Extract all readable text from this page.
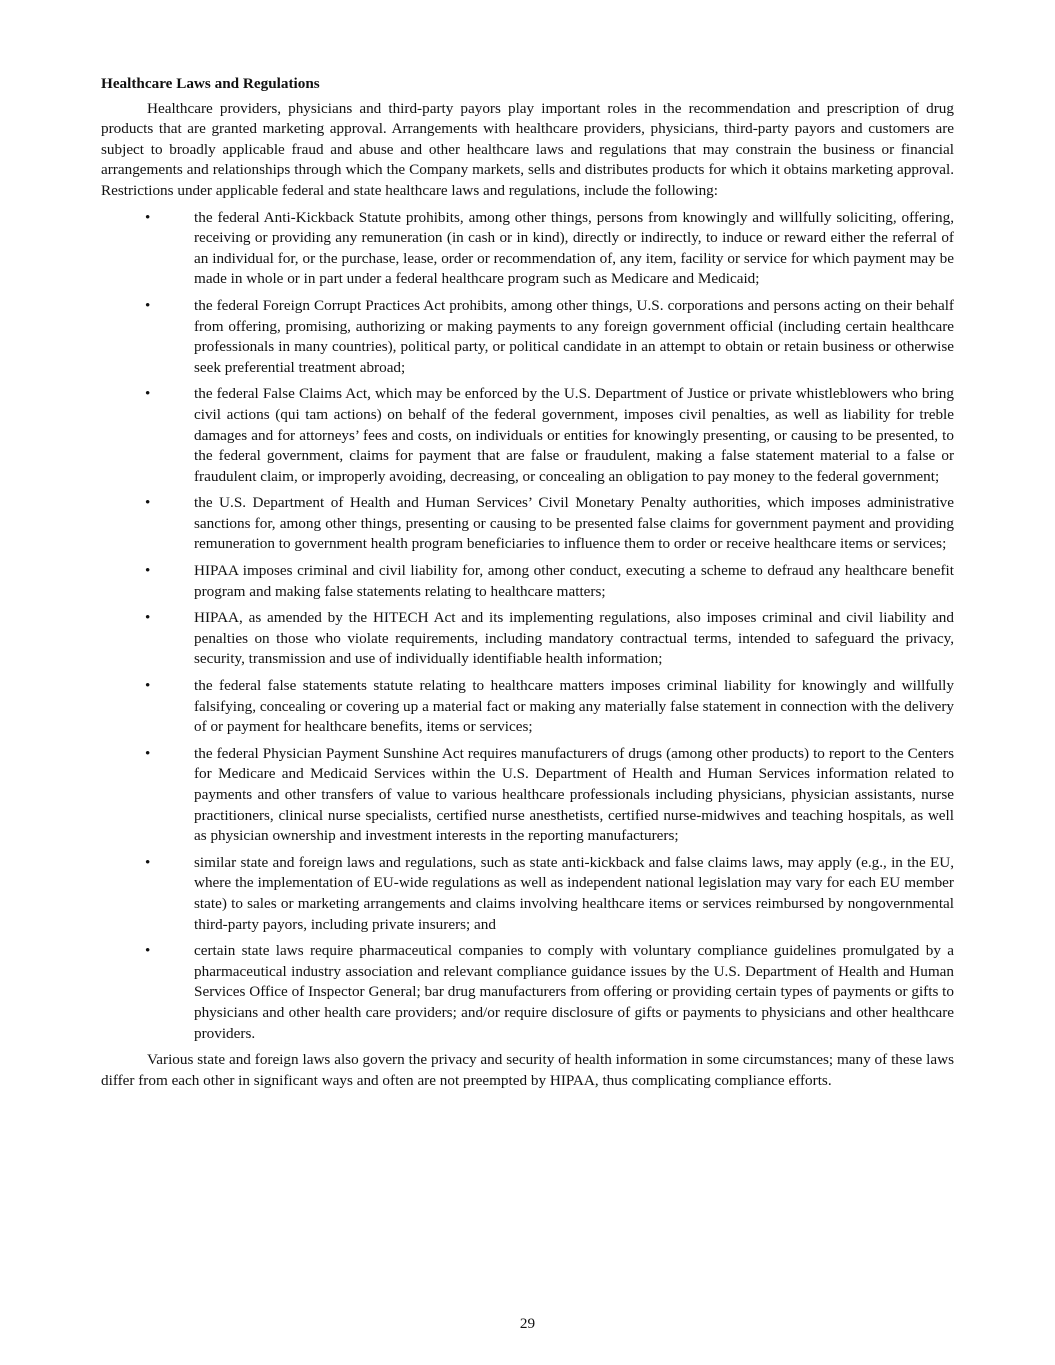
Healthcare Laws and Regulations

Healthcare providers, physicians and third-party payors play important roles in the recommendation and prescription of drug products that are granted marketing approval. Arrangements with healthcare providers, physicians, third-party payors and customers are subject to broadly applicable fraud and abuse and other healthcare laws and regulations that may constrain the business or financial arrangements and relationships through which the Company markets, sells and distributes products for which it obtains marketing approval. Restrictions under applicable federal and state healthcare laws and regulations, include the following:

•	the federal Anti-Kickback Statute prohibits, among other things, persons from knowingly and willfully soliciting, offering, receiving or providing any remuneration (in cash or in kind), directly or indirectly, to induce or reward either the referral of an individual for, or the purchase, lease, order or recommendation of, any item, facility or service for which payment may be made in whole or in part under a federal healthcare program such as Medicare and Medicaid;
•	the federal Foreign Corrupt Practices Act prohibits, among other things, U.S. corporations and persons acting on their behalf from offering, promising, authorizing or making payments to any foreign government official (including certain healthcare professionals in many countries), political party, or political candidate in an attempt to obtain or retain business or otherwise seek preferential treatment abroad;
•	the federal False Claims Act, which may be enforced by the U.S. Department of Justice or private whistleblowers who bring civil actions (qui tam actions) on behalf of the federal government, imposes civil penalties, as well as liability for treble damages and for attorneys’ fees and costs, on individuals or entities for knowingly presenting, or causing to be presented, to the federal government, claims for payment that are false or fraudulent, making a false statement material to a false or fraudulent claim, or improperly avoiding, decreasing, or concealing an obligation to pay money to the federal government;
•	the U.S. Department of Health and Human Services’ Civil Monetary Penalty authorities, which imposes administrative sanctions for, among other things, presenting or causing to be presented false claims for government payment and providing remuneration to government health program beneficiaries to influence them to order or receive healthcare items or services;
•	HIPAA imposes criminal and civil liability for, among other conduct, executing a scheme to defraud any healthcare benefit program and making false statements relating to healthcare matters;
•	HIPAA, as amended by the HITECH Act and its implementing regulations, also imposes criminal and civil liability and penalties on those who violate requirements, including mandatory contractual terms, intended to safeguard the privacy, security, transmission and use of individually identifiable health information;
•	the federal false statements statute relating to healthcare matters imposes criminal liability for knowingly and willfully falsifying, concealing or covering up a material fact or making any materially false statement in connection with the delivery of or payment for healthcare benefits, items or services;
•	the federal Physician Payment Sunshine Act requires manufacturers of drugs (among other products) to report to the Centers for Medicare and Medicaid Services within the U.S. Department of Health and Human Services information related to payments and other transfers of value to various healthcare professionals including physicians, physician assistants, nurse practitioners, clinical nurse specialists, certified nurse anesthetists, certified nurse-midwives and teaching hospitals, as well as physician ownership and investment interests in the reporting manufacturers;
•	similar state and foreign laws and regulations, such as state anti-kickback and false claims laws, may apply (e.g., in the EU, where the implementation of EU-wide regulations as well as independent national legislation may vary for each EU member state) to sales or marketing arrangements and claims involving healthcare items or services reimbursed by nongovernmental third-party payors, including private insurers; and
•	certain state laws require pharmaceutical companies to comply with voluntary compliance guidelines promulgated by a pharmaceutical industry association and relevant compliance guidance issues by the U.S. Department of Health and Human Services Office of Inspector General; bar drug manufacturers from offering or providing certain types of payments or gifts to physicians and other health care providers; and/or require disclosure of gifts or payments to physicians and other healthcare providers.

Various state and foreign laws also govern the privacy and security of health information in some circumstances; many of these laws differ from each other in significant ways and often are not preempted by HIPAA, thus complicating compliance efforts.

29
